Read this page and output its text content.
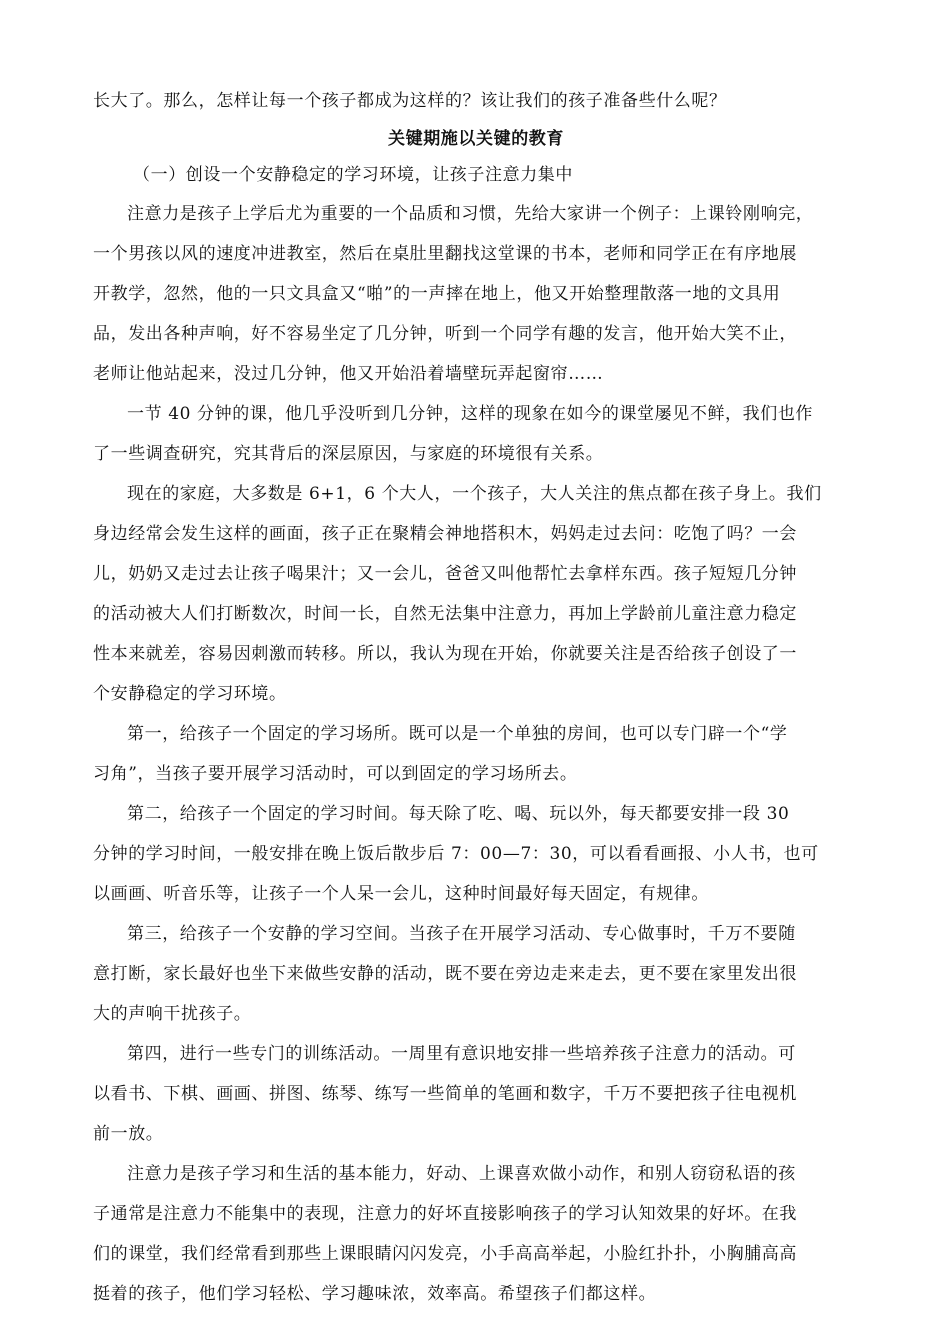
长大了。那么，怎样让每一个孩子都成为这样的？该让我们的孩子准备些什么呢？
关键期施以关键的教育
（一）创设一个安静稳定的学习环境，让孩子注意力集中
注意力是孩子上学后尤为重要的一个品质和习惯，先给大家讲一个例子：上课铃刚响完，
一个男孩以风的速度冲进教室，然后在桌肚里翻找这堂课的书本，老师和同学正在有序地展
开教学，忽然，他的一只文具盒又“啪”的一声摔在地上，他又开始整理散落一地的文具用
品，发出各种声响，好不容易坐定了几分钟，听到一个同学有趣的发言，他开始大笑不止，
老师让他站起来，没过几分钟，他又开始沿着墙壁玩弄起窗帘……
一节 40 分钟的课，他几乎没听到几分钟，这样的现象在如今的课堂屡见不鲜，我们也作
了一些调查研究，究其背后的深层原因，与家庭的环境很有关系。
现在的家庭，大多数是 6+1，6 个大人，一个孩子，大人关注的焦点都在孩子身上。我们
身边经常会发生这样的画面，孩子正在聚精会神地搭积木，妈妈走过去问：吃饱了吗？一会
儿，奶奶又走过去让孩子喝果汁；又一会儿，爸爸又叫他帮忙去拿样东西。孩子短短几分钟
的活动被大人们打断数次，时间一长，自然无法集中注意力，再加上学龄前儿童注意力稳定
性本来就差，容易因刺激而转移。所以，我认为现在开始，你就要关注是否给孩子创设了一
个安静稳定的学习环境。
第一，给孩子一个固定的学习场所。既可以是一个单独的房间，也可以专门辟一个“学
习角”，当孩子要开展学习活动时，可以到固定的学习场所去。
第二，给孩子一个固定的学习时间。每天除了吃、喝、玩以外，每天都要安排一段 30
分钟的学习时间，一般安排在晚上饭后散步后 7：00—7：30，可以看看画报、小人书，也可
以画画、听音乐等，让孩子一个人呆一会儿，这种时间最好每天固定，有规律。
第三，给孩子一个安静的学习空间。当孩子在开展学习活动、专心做事时，千万不要随
意打断，家长最好也坐下来做些安静的活动，既不要在旁边走来走去，更不要在家里发出很
大的声响干扰孩子。
第四，进行一些专门的训练活动。一周里有意识地安排一些培养孩子注意力的活动。可
以看书、下棋、画画、拼图、练琴、练写一些简单的笔画和数字，千万不要把孩子往电视机
前一放。
注意力是孩子学习和生活的基本能力，好动、上课喜欢做小动作，和别人窃窃私语的孩
子通常是注意力不能集中的表现，注意力的好坏直接影响孩子的学习认知效果的好坏。在我
们的课堂，我们经常看到那些上课眼睛闪闪发亮，小手高高举起，小脸红扑扑，小胸脯高高
挺着的孩子，他们学习轻松、学习趣味浓，效率高。希望孩子们都这样。
